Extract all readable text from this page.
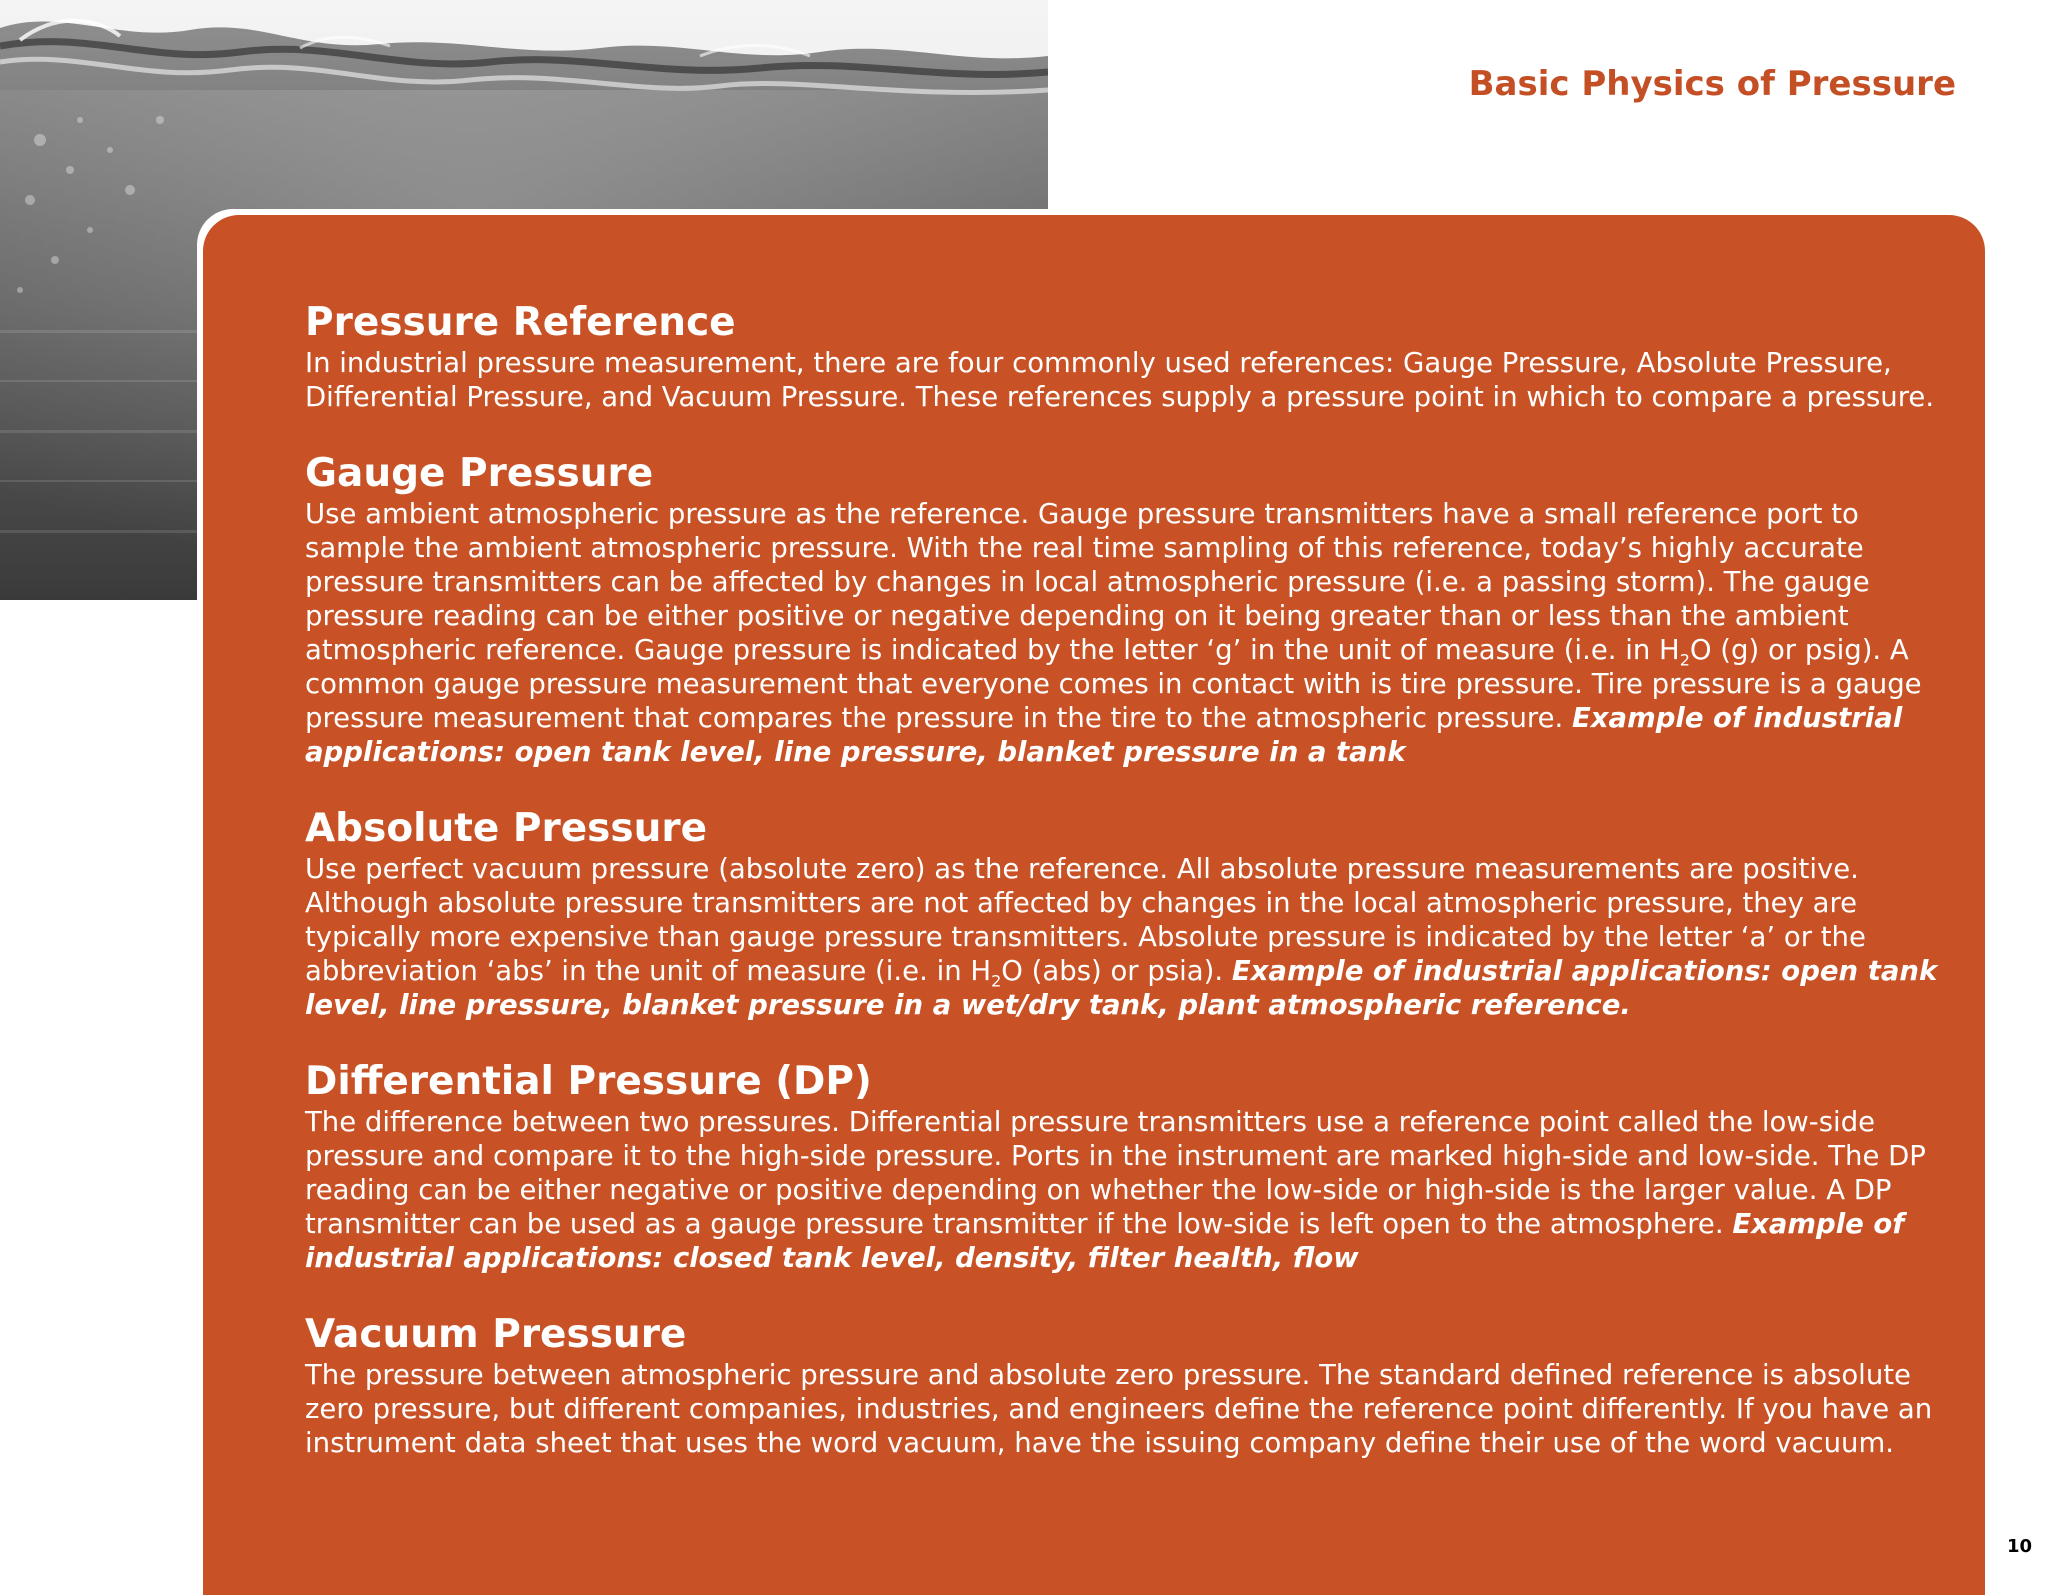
Basic Physics of Pressure
Pressure Reference

In industrial pressure measurement, there are four commonly used references: Gauge Pressure, Absolute Pressure, Differential Pressure, and Vacuum Pressure. These references supply a pressure point in which to compare a pressure.

Gauge Pressure

Use ambient atmospheric pressure as the reference. Gauge pressure transmitters have a small reference port to sample the ambient atmospheric pressure. With the real time sampling of this reference, today’s highly accurate pressure transmitters can be affected by changes in local atmospheric pressure (i.e. a passing storm). The gauge pressure reading can be either positive or negative depending on it being greater than or less than the ambient atmospheric reference. Gauge pressure is indicated by the letter ‘g’ in the unit of measure (i.e. in $H_2O$ (g) or psig). A common gauge pressure measurement that everyone comes in contact with is tire pressure. Tire pressure is a gauge pressure measurement that compares the pressure in the tire to the atmospheric pressure. Example of industrial applications: open tank level, line pressure, blanket pressure in a tank

Absolute Pressure

Use perfect vacuum pressure (absolute zero) as the reference. All absolute pressure measurements are positive. Although absolute pressure transmitters are not affected by changes in the local atmospheric pressure, they are typically more expensive than gauge pressure transmitters. Absolute pressure is indicated by the letter ‘a’ or the abbreviation ‘abs’ in the unit of measure (i.e. in $H_2O$ (abs) or psia). Example of industrial applications: open tank level, line pressure, blanket pressure in a wet/dry tank, plant atmospheric reference.

Differential Pressure (DP)

The difference between two pressures. Differential pressure transmitters use a reference point called the low-side pressure and compare it to the high-side pressure. Ports in the instrument are marked high-side and low-side. The DP reading can be either negative or positive depending on whether the low-side or high-side is the larger value. A DP transmitter can be used as a gauge pressure transmitter if the low-side is left open to the atmosphere. Example of industrial applications: closed tank level, density, filter health, flow

Vacuum Pressure

The pressure between atmospheric pressure and absolute zero pressure. The standard defined reference is absolute zero pressure, but different companies, industries, and engineers define the reference point differently. If you have an instrument data sheet that uses the word vacuum, have the issuing company define their use of the word vacuum.

10
